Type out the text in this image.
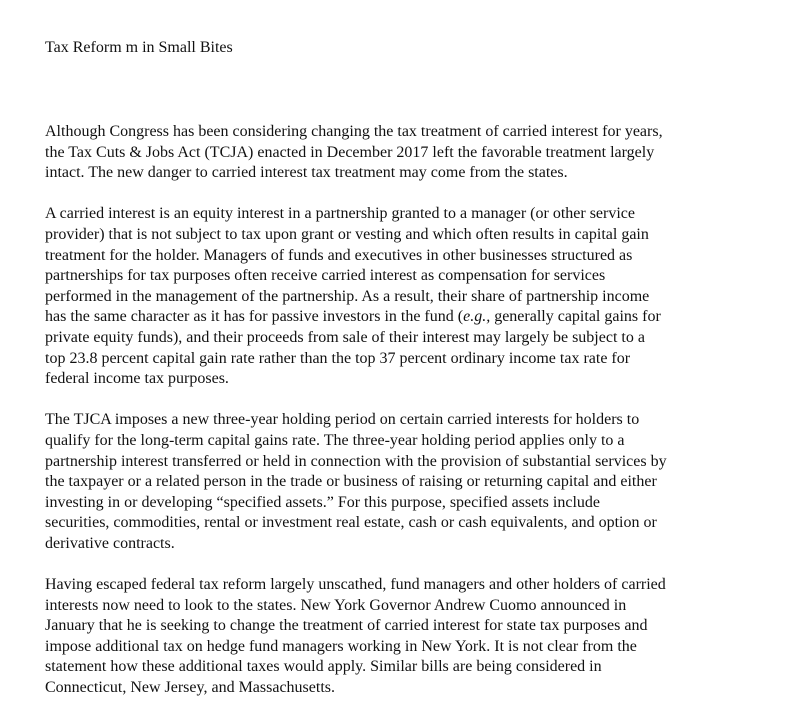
Tax Reform m in Small Bites

Although Congress has been considering changing the tax treatment of carried interest for years,
the Tax Cuts & Jobs Act (TCJA) enacted in December 2017 left the favorable treatment largely
intact. The new danger to carried interest tax treatment may come from the states.

A carried interest is an equity interest in a partnership granted to a manager (or other service
provider) that is not subject to tax upon grant or vesting and which often results in capital gain
treatment for the holder. Managers of funds and executives in other businesses structured as
partnerships for tax purposes often receive carried interest as compensation for services
performed in the management of the partnership. As a result, their share of partnership income
has the same character as it has for passive investors in the fund (e.g., generally capital gains for
private equity funds), and their proceeds from sale of their interest may largely be subject to a
top 23.8 percent capital gain rate rather than the top 37 percent ordinary income tax rate for
federal income tax purposes.

The TJCA imposes a new three-year holding period on certain carried interests for holders to
qualify for the long-term capital gains rate. The three-year holding period applies only to a
partnership interest transferred or held in connection with the provision of substantial services by
the taxpayer or a related person in the trade or business of raising or returning capital and either
investing in or developing “specified assets.” For this purpose, specified assets include
securities, commodities, rental or investment real estate, cash or cash equivalents, and option or
derivative contracts.

Having escaped federal tax reform largely unscathed, fund managers and other holders of carried
interests now need to look to the states. New York Governor Andrew Cuomo announced in
January that he is seeking to change the treatment of carried interest for state tax purposes and
impose additional tax on hedge fund managers working in New York. It is not clear from the
statement how these additional taxes would apply. Similar bills are being considered in
Connecticut, New Jersey, and Massachusetts.
